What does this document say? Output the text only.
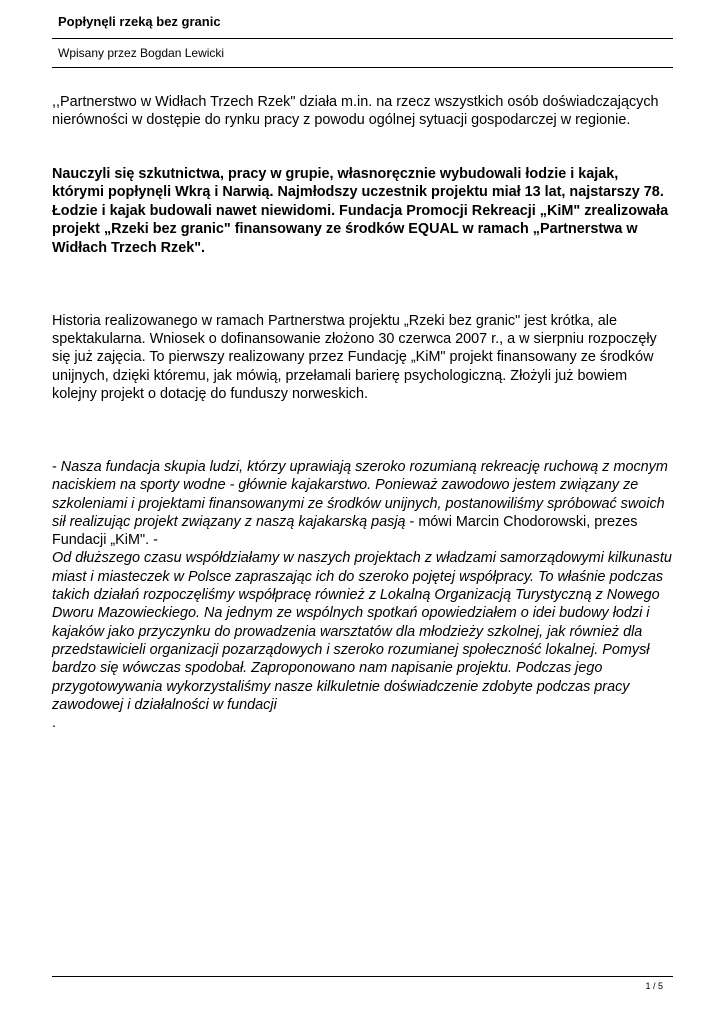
Popłynęli rzeką bez granic
Wpisany przez Bogdan Lewicki

,,Partnerstwo w Widłach Trzech Rzek" działa m.in. na rzecz wszystkich osób doświadczających nierówności w dostępie do rynku pracy z powodu ogólnej sytuacji gospodarczej w regionie.

Nauczyli się szkutnictwa, pracy w grupie, własnoręcznie wybudowali łodzie i kajak, którymi popłynęli Wkrą i Narwią. Najmłodszy uczestnik projektu miał 13 lat, najstarszy 78. Łodzie i kajak budowali nawet niewidomi. Fundacja Promocji Rekreacji „KiM" zrealizowała projekt „Rzeki bez granic" finansowany ze środków EQUAL w ramach „Partnerstwa w Widłach Trzech Rzek".

Historia realizowanego w ramach Partnerstwa projektu „Rzeki bez granic" jest krótka, ale spektakularna. Wniosek o dofinansowanie złożono 30 czerwca 2007 r., a w sierpniu rozpoczęły się już zajęcia. To pierwszy realizowany przez Fundację „KiM" projekt finansowany ze środków unijnych, dzięki któremu, jak mówią, przełamali barierę psychologiczną. Złożyli już bowiem kolejny projekt o dotację do funduszy norweskich.

- Nasza fundacja skupia ludzi, którzy uprawiają szeroko rozumianą rekreację ruchową z mocnym naciskiem na sporty wodne - głównie kajakarstwo. Ponieważ zawodowo jestem związany ze szkoleniami i projektami finansowanymi ze środków unijnych, postanowiliśmy spróbować swoich sił realizując projekt związany z naszą kajakarską pasją - mówi Marcin Chodorowski, prezes Fundacji „KiM". -
Od dłuższego czasu współdziałamy w naszych projektach z władzami samorządowymi kilkunastu miast i miasteczek w Polsce zapraszając ich do szeroko pojętej współpracy. To właśnie podczas takich działań rozpoczęliśmy współpracę również z Lokalną Organizacją Turystyczną z Nowego Dworu Mazowieckiego. Na jednym ze wspólnych spotkań opowiedziałem o idei budowy łodzi i kajaków jako przyczynku do prowadzenia warsztatów dla młodzieży szkolnej, jak również dla przedstawicieli organizacji pozarządowych i szeroko rozumianej społeczność lokalnej. Pomysł bardzo się wówczas spodobał. Zaproponowano nam napisanie projektu. Podczas jego przygotowywania wykorzystaliśmy nasze kilkuletnie doświadczenie zdobyte podczas pracy zawodowej i działalności w fundacji

.
1 / 5
